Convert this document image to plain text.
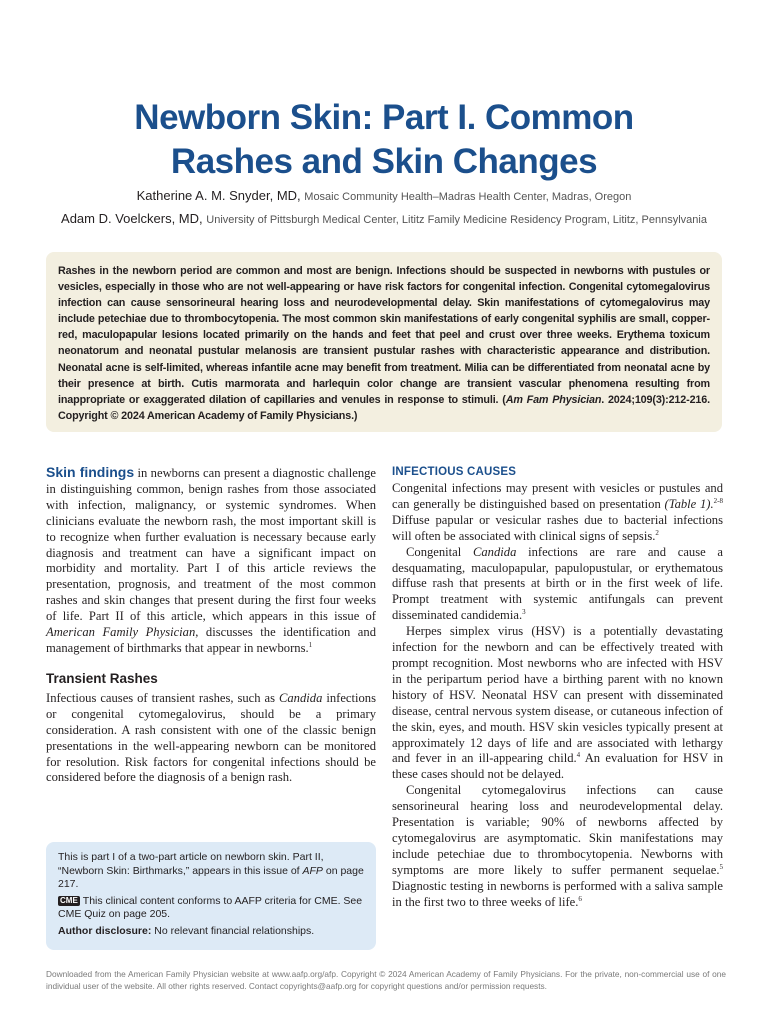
Newborn Skin: Part I. Common
Rashes and Skin Changes
Katherine A. M. Snyder, MD, Mosaic Community Health–Madras Health Center, Madras, Oregon
Adam D. Voelckers, MD, University of Pittsburgh Medical Center, Lititz Family Medicine Residency Program, Lititz, Pennsylvania

Rashes in the newborn period are common and most are benign. Infections should be suspected in newborns with pustules or vesicles, especially in those who are not well-appearing or have risk factors for congenital infection. Congenital cytomegalovirus infection can cause sensorineural hearing loss and neurodevelopmental delay. Skin manifestations of cytomegalovirus may include petechiae due to thrombocytopenia. The most common skin manifestations of early congenital syphilis are small, copper-red, maculopapular lesions located primarily on the hands and feet that peel and crust over three weeks. Erythema toxicum neonatorum and neonatal pustular melanosis are transient pustular rashes with characteristic appearance and distribution. Neonatal acne is self-limited, whereas infantile acne may benefit from treatment. Milia can be differentiated from neonatal acne by their presence at birth. Cutis marmorata and harlequin color change are transient vascular phenomena resulting from inappropriate or exaggerated dilation of capillaries and venules in response to stimuli. (Am Fam Physician. 2024;109(3):212-216. Copyright © 2024 American Academy of Family Physicians.)

Skin findings in newborns can present a diagnostic challenge in distinguishing common, benign rashes from those associated with infection, malignancy, or systemic syndromes. When clinicians evaluate the newborn rash, the most important skill is to recognize when further evaluation is necessary because early diagnosis and treatment can have a significant impact on morbidity and mortality. Part I of this article reviews the presentation, prognosis, and treatment of the most common rashes and skin changes that present during the first four weeks of life. Part II of this article, which appears in this issue of American Family Physician, discusses the identification and management of birthmarks that appear in newborns.$^1$

Transient Rashes

Infectious causes of transient rashes, such as Candida infections or congenital cytomegalovirus, should be a primary consideration. A rash consistent with one of the classic benign presentations in the well-appearing newborn can be monitored for resolution. Risk factors for congenital infections should be considered before the diagnosis of a benign rash.

This is part I of a two-part article on newborn skin. Part II, “Newborn Skin: Birthmarks,” appears in this issue of AFP on page 217.

CME This clinical content conforms to AAFP criteria for CME. See CME Quiz on page 205.

Author disclosure: No relevant financial relationships.

INFECTIOUS CAUSES

Congenital infections may present with vesicles or pustules and can generally be distinguished based on presentation (Table 1).$^{2-8}$ Diffuse papular or vesicular rashes due to bacterial infections will often be associated with clinical signs of sepsis.$^2$

Congenital Candida infections are rare and cause a desquamating, maculopapular, papulopustular, or erythematous diffuse rash that presents at birth or in the first week of life. Prompt treatment with systemic antifungals can prevent disseminated candidemia.$^3$

Herpes simplex virus (HSV) is a potentially devastating infection for the newborn and can be effectively treated with prompt recognition. Most newborns who are infected with HSV in the peripartum period have a birthing parent with no known history of HSV. Neonatal HSV can present with disseminated disease, central nervous system disease, or cutaneous infection of the skin, eyes, and mouth. HSV skin vesicles typically present at approximately 12 days of life and are associated with lethargy and fever in an ill-appearing child.$^4$ An evaluation for HSV in these cases should not be delayed.

Congenital cytomegalovirus infections can cause sensorineural hearing loss and neurodevelopmental delay. Presentation is variable; 90% of newborns affected by cytomegalovirus are asymptomatic. Skin manifestations may include petechiae due to thrombocytopenia. Newborns with symptoms are more likely to suffer permanent sequelae.$^5$ Diagnostic testing in newborns is performed with a saliva sample in the first two to three weeks of life.$^6$

Downloaded from the American Family Physician website at www.aafp.org/afp. Copyright © 2024 American Academy of Family Physicians. For the private, non-commercial use of one individual user of the website. All other rights reserved. Contact copyrights@aafp.org for copyright questions and/or permission requests.
